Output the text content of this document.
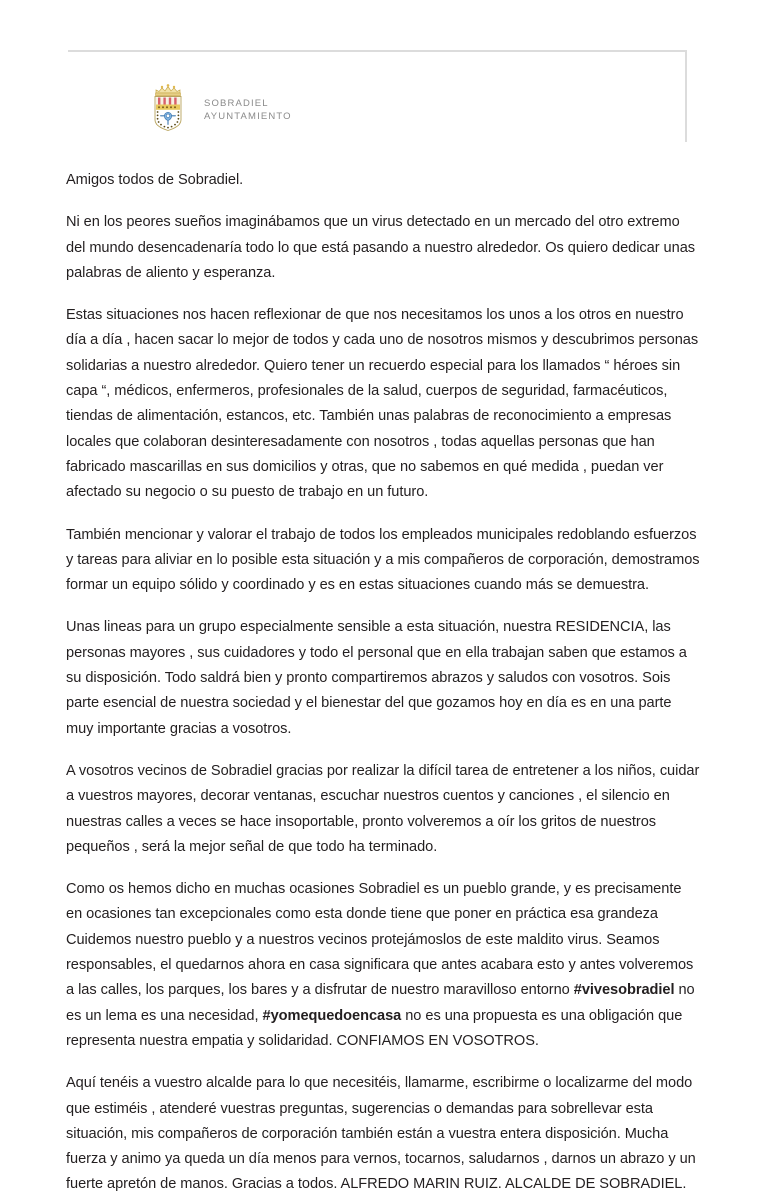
SOBRADIEL
AYUNTAMIENTO

Amigos todos de Sobradiel.

Ni en los peores sueños imaginábamos que un virus detectado en un mercado del otro extremo del mundo desencadenaría todo lo que está pasando a nuestro alrededor. Os quiero dedicar unas palabras de aliento y esperanza.

Estas situaciones nos hacen reflexionar de que nos necesitamos los unos a los otros en nuestro día a día , hacen sacar lo mejor de todos y cada uno de nosotros mismos y descubrimos personas solidarias a nuestro alrededor. Quiero tener un recuerdo especial para los llamados “ héroes sin capa “, médicos, enfermeros, profesionales de la salud, cuerpos de seguridad, farmacéuticos, tiendas de alimentación, estancos, etc. También unas palabras de reconocimiento a empresas locales que colaboran desinteresadamente con nosotros , todas aquellas personas que han fabricado mascarillas en sus domicilios y otras, que no sabemos en qué medida , puedan ver afectado su negocio o su puesto de trabajo en un futuro.

También mencionar y valorar el trabajo de todos los empleados municipales redoblando esfuerzos y tareas para aliviar en lo posible esta situación y a mis compañeros de corporación, demostramos formar un equipo sólido y coordinado y es en estas situaciones cuando más se demuestra.

Unas lineas para un grupo especialmente sensible a esta situación, nuestra RESIDENCIA, las personas mayores , sus cuidadores y todo el personal que en ella trabajan saben que estamos a su disposición. Todo saldrá bien y pronto compartiremos abrazos y saludos con vosotros. Sois parte esencial de nuestra sociedad y el bienestar del que gozamos hoy en día es en una parte muy importante gracias a vosotros.

A vosotros vecinos de Sobradiel gracias por realizar la difícil tarea de entretener a los niños, cuidar a vuestros mayores, decorar ventanas, escuchar nuestros cuentos y canciones , el silencio en nuestras calles a veces se hace insoportable, pronto volveremos a oír los gritos de nuestros pequeños , será la mejor señal de que todo ha terminado.

Como os hemos dicho en muchas ocasiones Sobradiel es un pueblo grande, y es precisamente en ocasiones tan excepcionales como esta donde tiene que poner en práctica esa grandeza Cuidemos nuestro pueblo y a nuestros vecinos protejámoslos de este maldito virus. Seamos responsables, el quedarnos ahora en casa significara que antes acabara esto y antes volveremos a las calles, los parques, los bares y a disfrutar de nuestro maravilloso entorno #vivesobradiel no es un lema es una necesidad, #yomequedoencasa no es una propuesta es una obligación que representa nuestra empatia y solidaridad. CONFIAMOS EN VOSOTROS.

Aquí tenéis a vuestro alcalde para lo que necesitéis, llamarme, escribirme o localizarme del modo que estiméis , atenderé vuestras preguntas, sugerencias o demandas para sobrellevar esta situación, mis compañeros de corporación también están a vuestra entera disposición. Mucha fuerza y animo ya queda un día menos para vernos, tocarnos, saludarnos , darnos un abrazo y un fuerte apretón de manos. Gracias a todos. ALFREDO MARIN RUIZ. ALCALDE DE SOBRADIEL.
